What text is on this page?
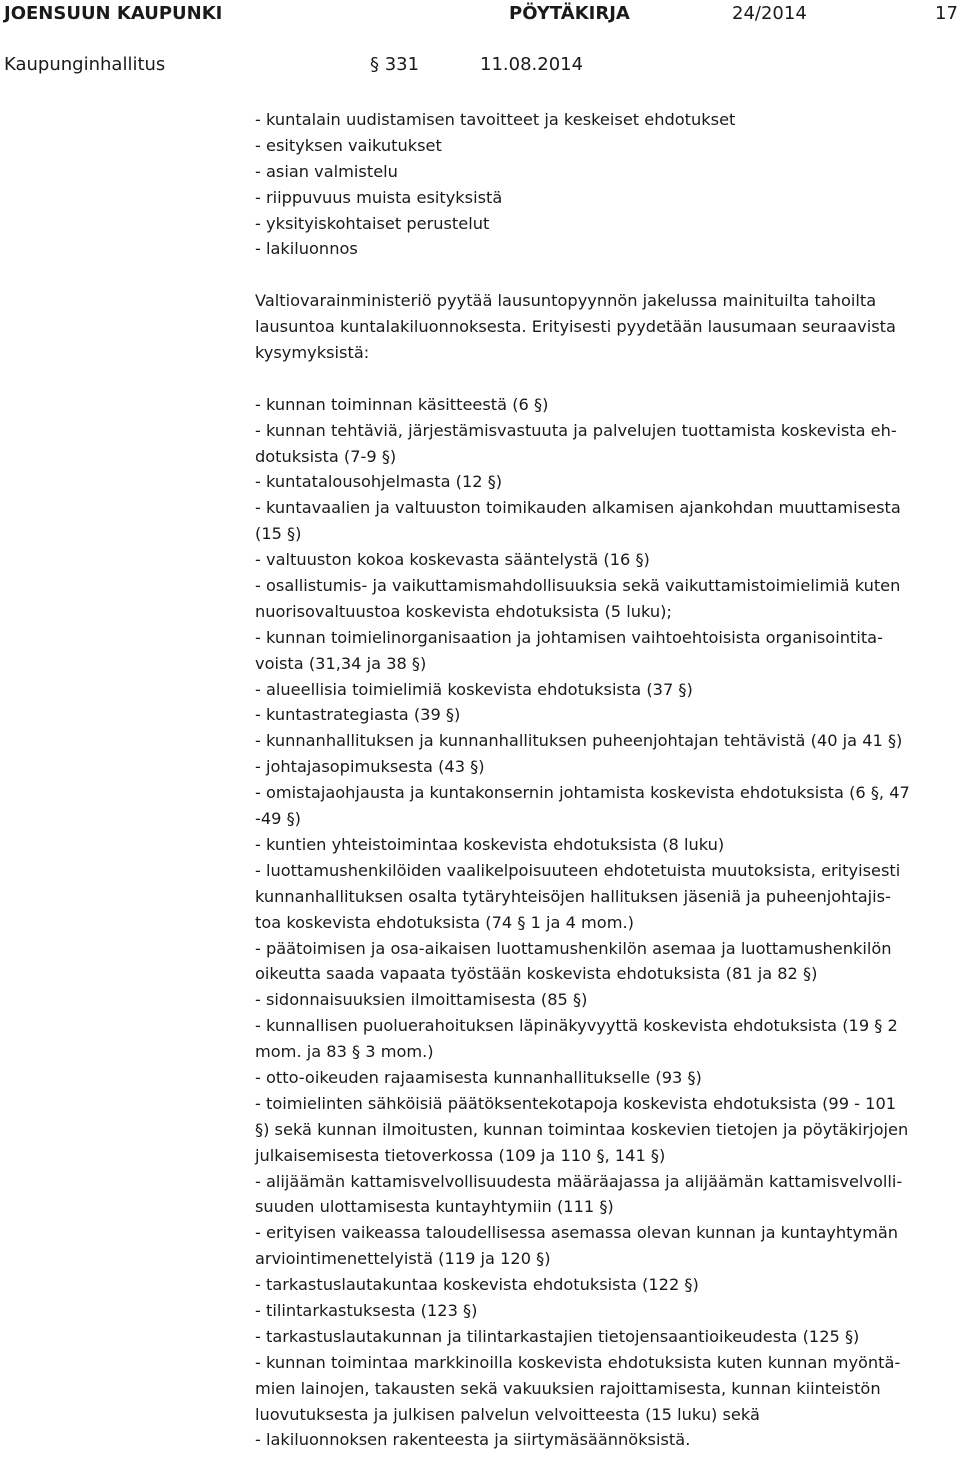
JOENSUUN KAUPUNKI	PÖYTÄKIRJA	24/2014	17
Kaupunginhallitus	§ 331	11.08.2014
- kuntalain uudistamisen tavoitteet ja keskeiset ehdotukset
- esityksen vaikutukset
- asian valmistelu
- riippuvuus muista esityksistä
- yksityiskohtaiset perustelut
- lakiluonnos
Valtiovarainministeriö pyytää lausuntopyynnön jakelussa mainituilta tahoilta
lausuntoa kuntalakiluonnoksesta. Erityisesti pyydetään lausumaan seuraavista
kysymyksistä:
- kunnan toiminnan käsitteestä (6 §)
- kunnan tehtäviä, järjestämisvastuuta ja palvelujen tuottamista koskevista eh-
dotuksista (7-9 §)
- kuntatalousohjelmasta (12 §)
- kuntavaalien ja valtuuston toimikauden alkamisen ajankohdan muuttamisesta
(15 §)
- valtuuston kokoa koskevasta sääntelystä (16 §)
- osallistumis- ja vaikuttamismahdollisuuksia sekä vaikuttamistoimielimiä kuten
nuorisovaltuustoa koskevista ehdotuksista (5 luku);
- kunnan toimielinorganisaation ja johtamisen vaihtoehtoisista organisointita-
voista (31,34 ja 38 §)
- alueellisia toimielimiä koskevista ehdotuksista (37 §)
- kuntastrategiasta (39 §)
- kunnanhallituksen ja kunnanhallituksen puheenjohtajan tehtävistä (40 ja 41 §)
- johtajasopimuksesta (43 §)
- omistajaohjausta ja kuntakonsernin johtamista koskevista ehdotuksista (6 §, 47
-49 §)
- kuntien yhteistoimintaa koskevista ehdotuksista (8 luku)
- luottamushenkilöiden vaalikelpoisuuteen ehdotetuista muutoksista, erityisesti
kunnanhallituksen osalta tytäryhteisöjen hallituksen jäseniä ja puheenjohtajis-
toa koskevista ehdotuksista (74 § 1 ja 4 mom.)
- päätoimisen ja osa-aikaisen luottamushenkilön asemaa ja luottamushenkilön
oikeutta saada vapaata työstään koskevista ehdotuksista (81 ja 82 §)
- sidonnaisuuksien ilmoittamisesta (85 §)
- kunnallisen puoluerahoituksen läpinäkyvyyttä koskevista ehdotuksista (19 § 2
mom. ja 83 § 3 mom.)
- otto-oikeuden rajaamisesta kunnanhallitukselle (93 §)
- toimielinten sähköisiä päätöksentekotapoja koskevista ehdotuksista (99 - 101
§) sekä kunnan ilmoitusten, kunnan toimintaa koskevien tietojen ja pöytäkirjojen
julkaisemisesta tietoverkossa (109 ja 110 §, 141 §)
- alijäämän kattamisvelvollisuudesta määräajassa ja alijäämän kattamisvelvolli-
suuden ulottamisesta kuntayhtymiin (111 §)
- erityisen vaikeassa taloudellisessa asemassa olevan kunnan ja kuntayhtymän
arviointimenettelyistä (119 ja 120 §)
- tarkastuslautakuntaa koskevista ehdotuksista (122 §)
- tilintarkastuksesta (123 §)
- tarkastuslautakunnan ja tilintarkastajien tietojensaantioikeudesta (125 §)
- kunnan toimintaa markkinoilla koskevista ehdotuksista kuten kunnan myöntä-
mien lainojen, takausten sekä vakuuksien rajoittamisesta, kunnan kiinteistön
luovutuksesta ja julkisen palvelun velvoitteesta (15 luku) sekä
- lakiluonnoksen rakenteesta ja siirtymäsäännöksistä.
